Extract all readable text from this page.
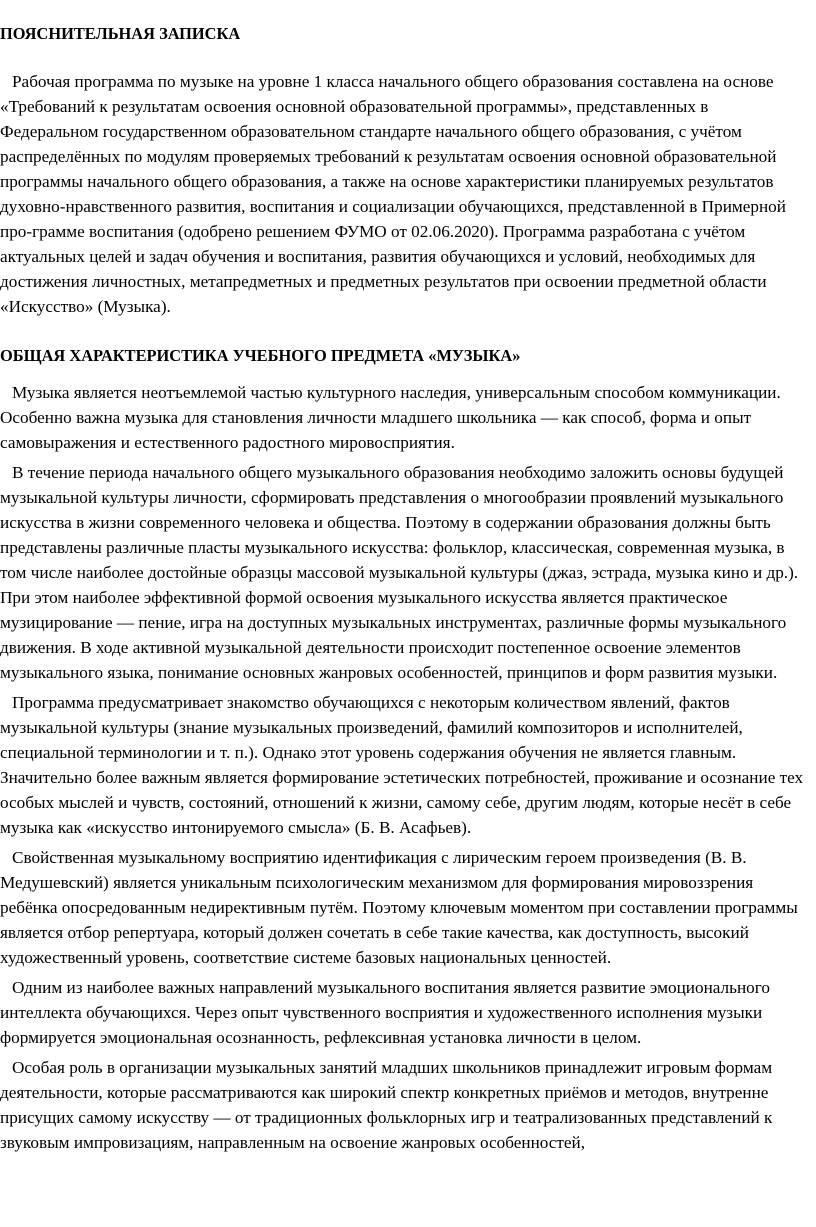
ПОЯСНИТЕЛЬНАЯ ЗАПИСКА

Рабочая программа по музыке на уровне 1 класса начального общего образования составлена на основе «Требований к результатам освоения основной образовательной программы», представленных в Федеральном государственном образовательном стандарте начального общего образования, с учётом распределённых по модулям проверяемых требований к результатам освоения основной образовательной программы начального общего образования, а также на основе характеристики планируемых результатов духовно-нравственного развития, воспитания и социализации обучающихся, представленной в Примерной про-грамме воспитания (одобрено решением ФУМО от 02.06.2020). Программа разработана с учётом актуальных целей и задач обучения и воспитания, развития обучающихся и условий, необходимых для достижения личностных, метапредметных и предметных результатов при освоении предметной области «Искусство» (Музыка).

ОБЩАЯ ХАРАКТЕРИСТИКА УЧЕБНОГО ПРЕДМЕТА «МУЗЫКА»

Музыка является неотъемлемой частью культурного наследия, универсальным способом коммуникации. Особенно важна музыка для становления личности младшего школьника — как способ, форма и опыт самовыражения и естественного радостного мировосприятия.

В течение периода начального общего музыкального образования необходимо заложить основы будущей музыкальной культуры личности, сформировать представления о многообразии проявлений музыкального искусства в жизни современного человека и общества. Поэтому в содержании образования должны быть представлены различные пласты музыкального искусства: фольклор, классическая, современная музыка, в том числе наиболее достойные образцы массовой музыкальной культуры (джаз, эстрада, музыка кино и др.). При этом наиболее эффективной формой освоения музыкального искусства является практическое музицирование — пение, игра на доступных музыкальных инструментах, различные формы музыкального движения. В ходе активной музыкальной деятельности происходит постепенное освоение элементов музыкального языка, понимание основных жанровых особенностей, принципов и форм развития музыки.

Программа предусматривает знакомство обучающихся с некоторым количеством явлений, фактов музыкальной культуры (знание музыкальных произведений, фамилий композиторов и исполнителей, специальной терминологии и т. п.). Однако этот уровень содержания обучения не является главным.

Значительно более важным является формирование эстетических потребностей, проживание и осознание тех особых мыслей и чувств, состояний, отношений к жизни, самому себе, другим людям, которые несёт в себе музыка как «искусство интонируемого смысла» (Б. В. Асафьев).

Свойственная музыкальному восприятию идентификация с лирическим героем произведения (В. В. Медушевский) является уникальным психологическим механизмом для формирования мировоззрения ребёнка опосредованным недирективным путём. Поэтому ключевым моментом при составлении программы является отбор репертуара, который должен сочетать в себе такие качества, как доступность, высокий художественный уровень, соответствие системе базовых национальных ценностей.

Одним из наиболее важных направлений музыкального воспитания является развитие эмоционального интеллекта обучающихся. Через опыт чувственного восприятия и художественного исполнения музыки формируется эмоциональная осознанность, рефлексивная установка личности в целом.

Особая роль в организации музыкальных занятий младших школьников принадлежит игровым формам деятельности, которые рассматриваются как широкий спектр конкретных приёмов и методов, внутренне присущих самому искусству — от традиционных фольклорных игр и театрализованных представлений к звуковым импровизациям, направленным на освоение жанровых особенностей,
